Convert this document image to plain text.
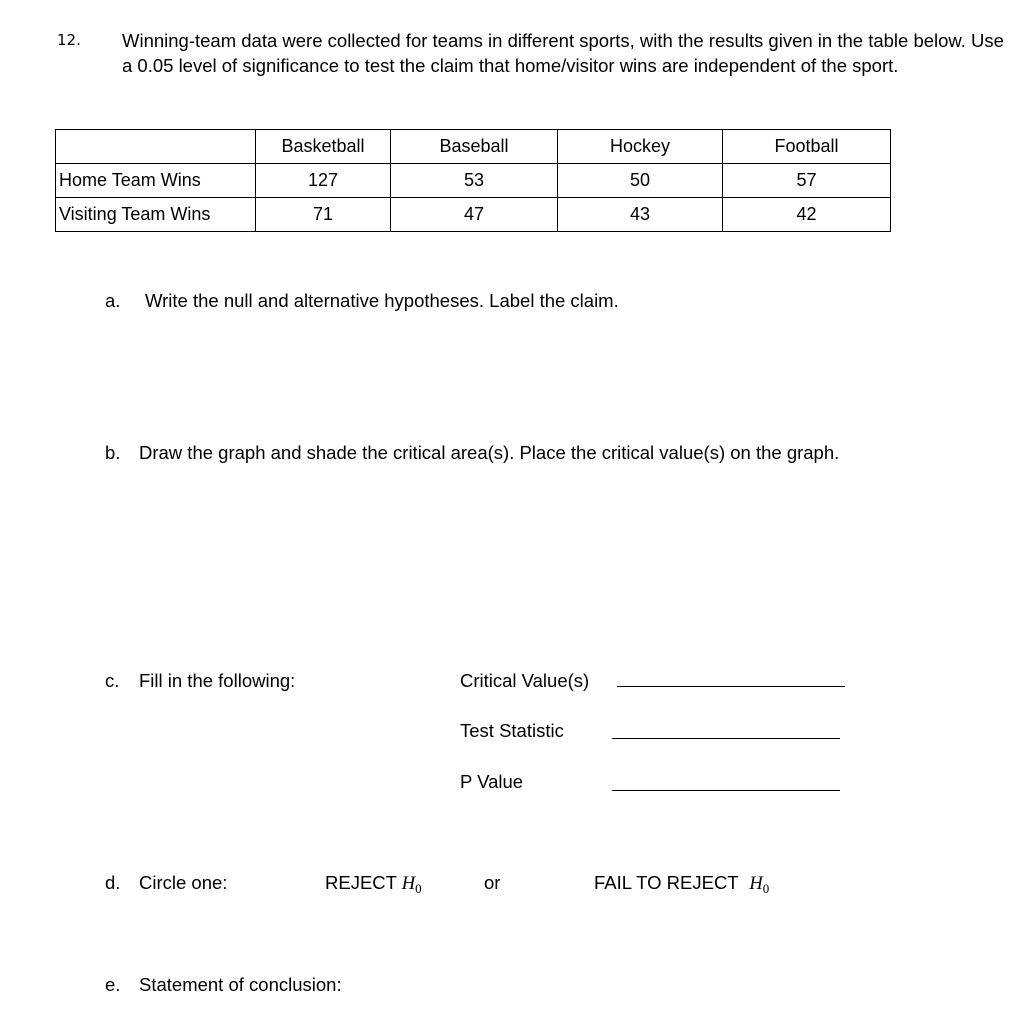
12. Winning-team data were collected for teams in different sports, with the results given in the table below. Use a 0.05 level of significance to test the claim that home/visitor wins are independent of the sport.
	Basketball	Baseball	Hockey	Football
Home Team Wins	127	53	50	57
Visiting Team Wins	71	47	43	42
a. Write the null and alternative hypotheses. Label the claim.
b. Draw the graph and shade the critical area(s). Place the critical value(s) on the graph.
c. Fill in the following:	Critical Value(s)
Test Statistic
P Value
d. Circle one:	REJECT $H_0$	or	FAIL TO REJECT $H_0$
e. Statement of conclusion:
